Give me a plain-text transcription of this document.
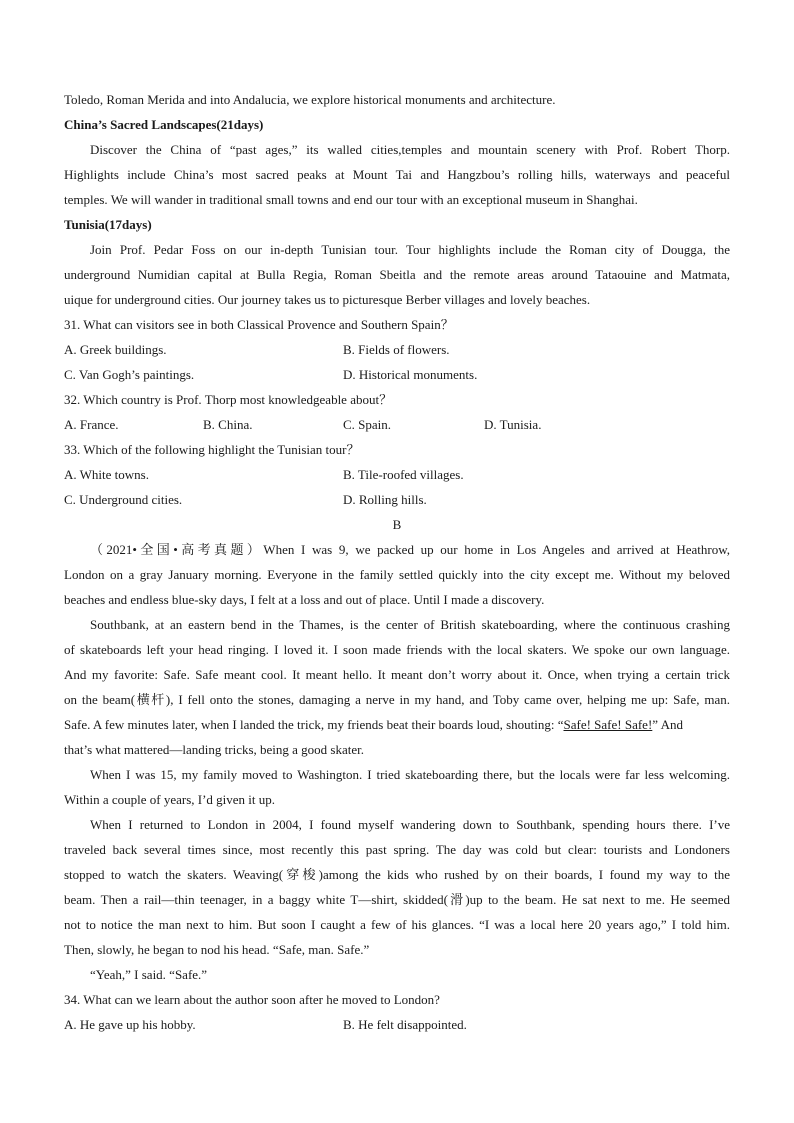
Toledo, Roman Merida and into Andalucia, we explore historical monuments and architecture.
China’s Sacred Landscapes(21days)
Discover the China of “past ages,” its walled cities,temples and mountain scenery with Prof. Robert Thorp.
Highlights include China’s most sacred peaks at Mount Tai and Hangzbou’s rolling hills, waterways and peaceful
temples. We will wander in traditional small towns and end our tour with an exceptional museum in Shanghai.
Tunisia(17days)
Join Prof. Pedar Foss on our in-depth Tunisian tour. Tour highlights include the Roman city of Dougga, the
underground Numidian capital at Bulla Regia, Roman Sbeitla and the remote areas around Tataouine and Matmata,
uique for underground cities. Our journey takes us to picturesque Berber villages and lovely beaches.
31. What can visitors see in both Classical Provence and Southern Spain？
A. Greek buildings.	B. Fields of flowers.
C. Van Gogh’s paintings.	D. Historical monuments.
32. Which country is Prof. Thorp most knowledgeable about？
A. France.	B. China.	C. Spain.	D. Tunisia.
33. Which of the following highlight the Tunisian tour？
A. White towns.	B. Tile-roofed villages.
C. Underground cities.	D. Rolling hills.
B
（2021•全国•高考真题）When I was 9, we packed up our home in Los Angeles and arrived at Heathrow,
London on a gray January morning. Everyone in the family settled quickly into the city except me. Without my beloved
beaches and endless blue-sky days, I felt at a loss and out of place. Until I made a discovery.
Southbank, at an eastern bend in the Thames, is the center of British skateboarding, where the continuous crashing
of skateboards left your head ringing. I loved it. I soon made friends with the local skaters. We spoke our own language.
And my favorite: Safe. Safe meant cool. It meant hello. It meant don’t worry about it. Once, when trying a certain trick
on the beam(横杆), I fell onto the stones, damaging a nerve in my hand, and Toby came over, helping me up: Safe, man.
Safe. A few minutes later, when I landed the trick, my friends beat their boards loud, shouting: “Safe! Safe! Safe!” And
that’s what mattered—landing tricks, being a good skater.
When I was 15, my family moved to Washington. I tried skateboarding there, but the locals were far less welcoming.
Within a couple of years, I’d given it up.
When I returned to London in 2004, I found myself wandering down to Southbank, spending hours there. I’ve
traveled back several times since, most recently this past spring. The day was cold but clear: tourists and Londoners
stopped to watch the skaters. Weaving(穿梭)among the kids who rushed by on their boards, I found my way to the
beam. Then a rail—thin teenager, in a baggy white T—shirt, skidded(滑)up to the beam. He sat next to me. He seemed
not to notice the man next to him. But soon I caught a few of his glances. “I was a local here 20 years ago,” I told him.
Then, slowly, he began to nod his head. “Safe, man. Safe.”
“Yeah,” I said. “Safe.”
34. What can we learn about the author soon after he moved to London?
A. He gave up his hobby.	B. He felt disappointed.
